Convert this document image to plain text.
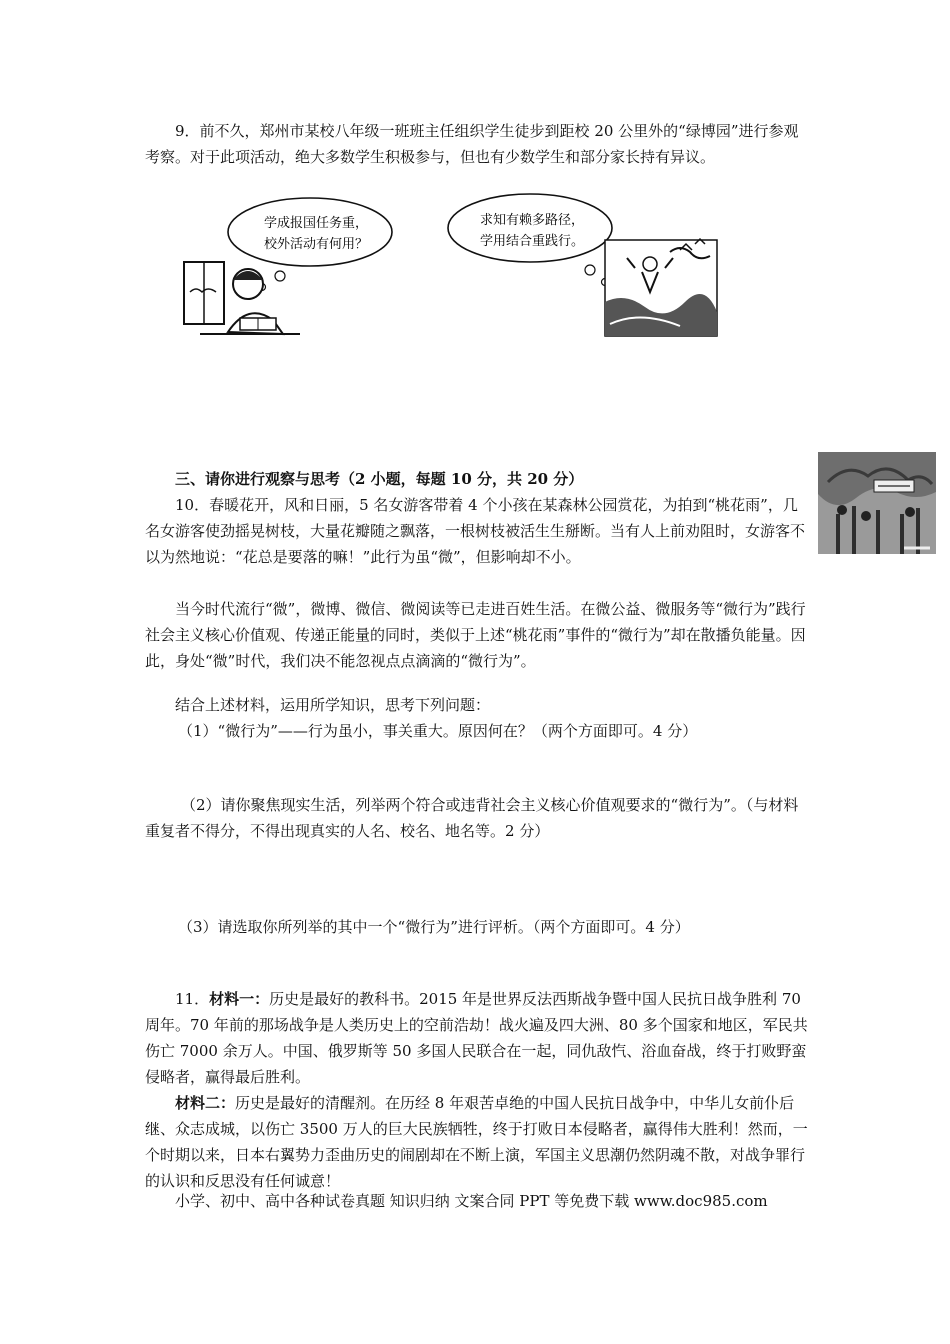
9．前不久，郑州市某校八年级一班班主任组织学生徒步到距校 20 公里外的“绿博园”进行参观考察。对于此项活动，绝大多数学生积极参与，但也有少数学生和部分家长持有异议。

学成报国任务重，
校外活动有何用？
求知有赖多路径，
学用结合重践行。

三、请你进行观察与思考（2 小题，每题 10 分，共 20 分）

10．春暖花开，风和日丽，5 名女游客带着 4 个小孩在某森林公园赏花，为拍到“桃花雨”，几名女游客使劲摇晃树枝，大量花瓣随之飘落，一根树枝被活生生掰断。当有人上前劝阻时，女游客不以为然地说：“花总是要落的嘛！”此行为虽“微”，但影响却不小。

当今时代流行“微”，微博、微信、微阅读等已走进百姓生活。在微公益、微服务等“微行为”践行社会主义核心价值观、传递正能量的同时，类似于上述“桃花雨”事件的“微行为”却在散播负能量。因此，身处“微”时代，我们决不能忽视点点滴滴的“微行为”。

结合上述材料，运用所学知识，思考下列问题：

（1）“微行为”——行为虽小，事关重大。原因何在？（两个方面即可。4 分）

（2）请你聚焦现实生活，列举两个符合或违背社会主义核心价值观要求的“微行为”。（与材料重复者不得分，不得出现真实的人名、校名、地名等。2 分）

（3）请选取你所列举的其中一个“微行为”进行评析。（两个方面即可。4 分）

11．材料一：历史是最好的教科书。2015 年是世界反法西斯战争暨中国人民抗日战争胜利 70 周年。70 年前的那场战争是人类历史上的空前浩劫！战火遍及四大洲、80 多个国家和地区，军民共伤亡 7000 余万人。中国、俄罗斯等 50 多国人民联合在一起，同仇敌忾、浴血奋战，终于打败野蛮侵略者，赢得最后胜利。

材料二：历史是最好的清醒剂。在历经 8 年艰苦卓绝的中国人民抗日战争中，中华儿女前仆后继、众志成城，以伤亡 3500 万人的巨大民族牺牲，终于打败日本侵略者，赢得伟大胜利！然而，一个时期以来，日本右翼势力歪曲历史的闹剧却在不断上演，军国主义思潮仍然阴魂不散，对战争罪行的认识和反思没有任何诚意！

小学、初中、高中各种试卷真题 知识归纳 文案合同 PPT 等免费下载 www.doc985.com
